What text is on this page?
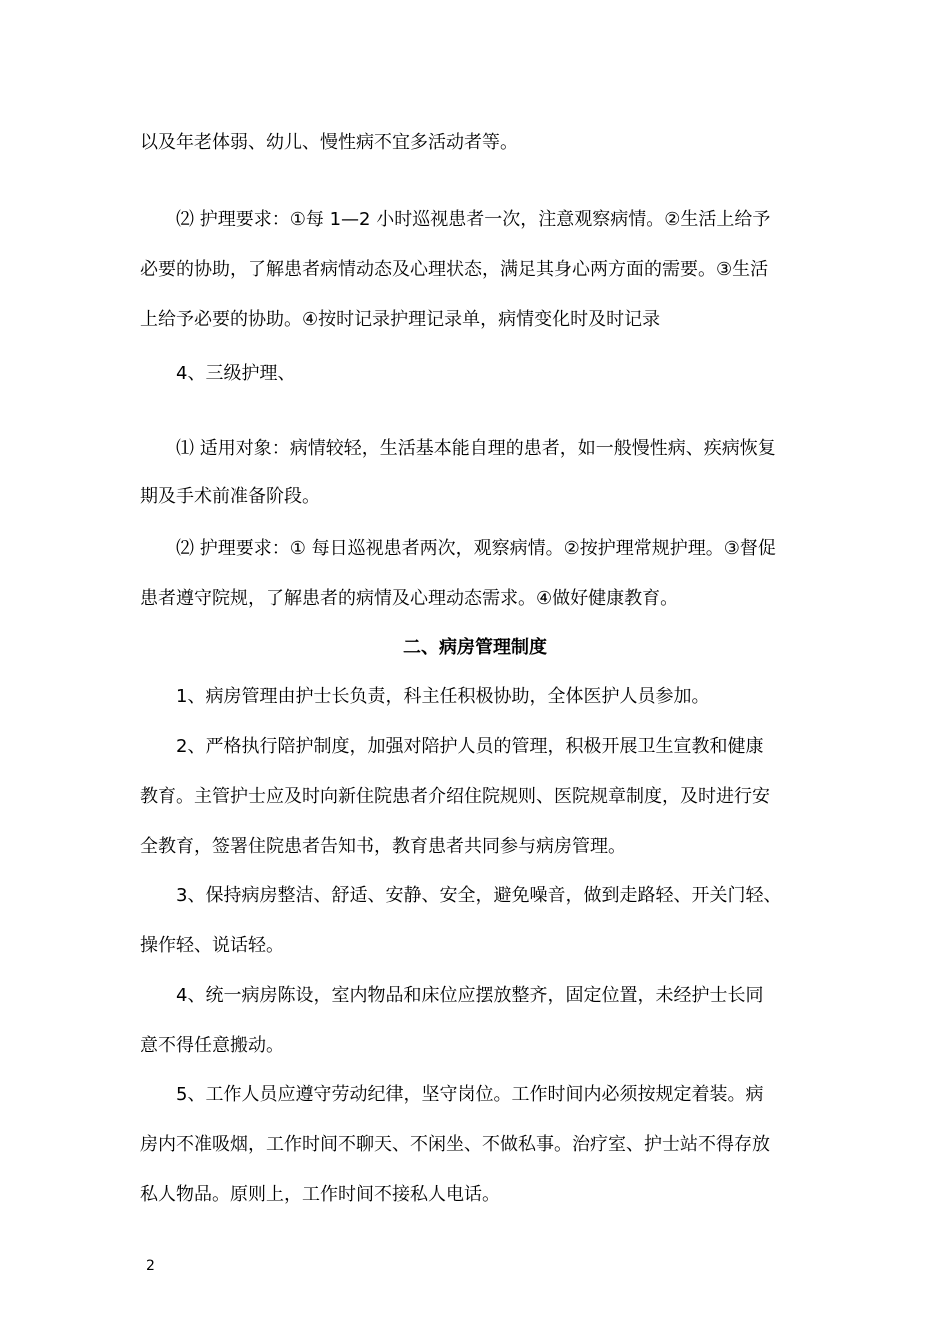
以及年老体弱、幼儿、慢性病不宜多活动者等。
⑵ 护理要求：①每 1—2 小时巡视患者一次，注意观察病情。②生活上给予
必要的协助，了解患者病情动态及心理状态，满足其身心两方面的需要。③生活
上给予必要的协助。④按时记录护理记录单，病情变化时及时记录
4、三级护理、
⑴ 适用对象：病情较轻，生活基本能自理的患者，如一般慢性病、疾病恢复
期及手术前准备阶段。
⑵ 护理要求：① 每日巡视患者两次，观察病情。②按护理常规护理。③督促
患者遵守院规，了解患者的病情及心理动态需求。④做好健康教育。
二、病房管理制度
1、病房管理由护士长负责，科主任积极协助，全体医护人员参加。
2、严格执行陪护制度，加强对陪护人员的管理，积极开展卫生宣教和健康
教育。主管护士应及时向新住院患者介绍住院规则、医院规章制度，及时进行安
全教育，签署住院患者告知书，教育患者共同参与病房管理。
3、保持病房整洁、舒适、安静、安全，避免噪音，做到走路轻、开关门轻、
操作轻、说话轻。
4、统一病房陈设，室内物品和床位应摆放整齐，固定位置，未经护士长同
意不得任意搬动。
5、工作人员应遵守劳动纪律，坚守岗位。工作时间内必须按规定着装。病
房内不准吸烟，工作时间不聊天、不闲坐、不做私事。治疗室、护士站不得存放
私人物品。原则上，工作时间不接私人电话。
2
